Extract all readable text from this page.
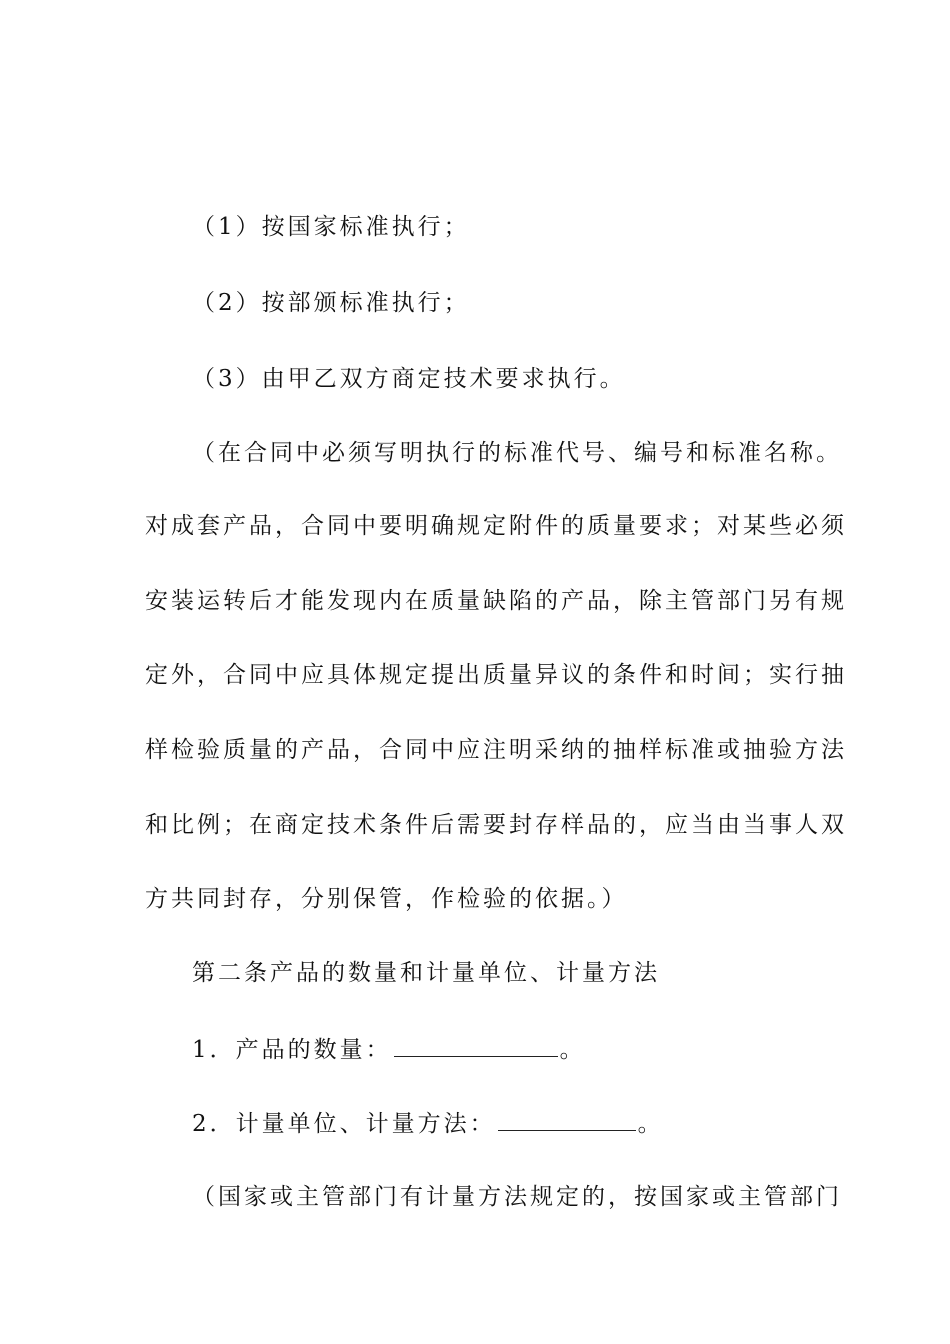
（1）按国家标准执行；
（2）按部颁标准执行；
（3）由甲乙双方商定技术要求执行。
（在合同中必须写明执行的标准代号、编号和标准名称。
对成套产品，合同中要明确规定附件的质量要求；对某些必须
安装运转后才能发现内在质量缺陷的产品，除主管部门另有规
定外，合同中应具体规定提出质量异议的条件和时间；实行抽
样检验质量的产品，合同中应注明采纳的抽样标准或抽验方法
和比例；在商定技术条件后需要封存样品的，应当由当事人双
方共同封存，分别保管，作检验的依据。）
第二条产品的数量和计量单位、计量方法
1．产品的数量：	。
2．计量单位、计量方法：	。
（国家或主管部门有计量方法规定的，按国家或主管部门
